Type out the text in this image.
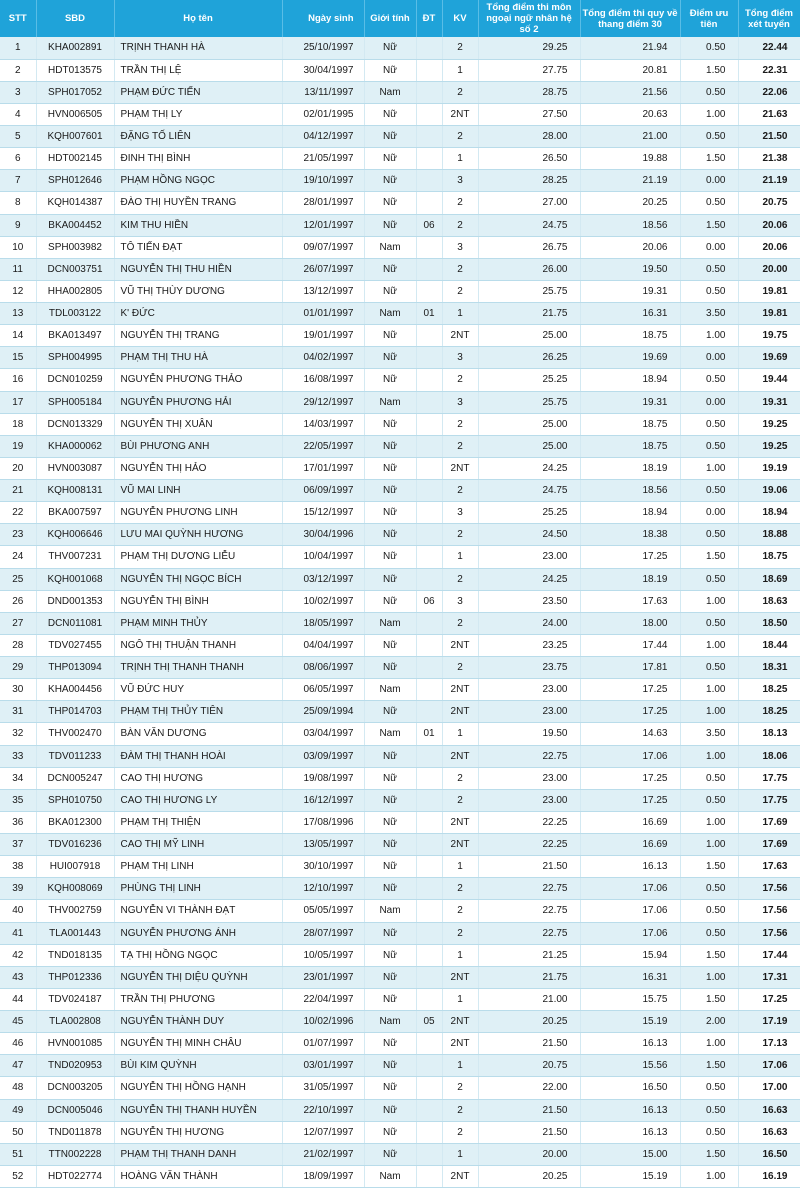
STT	SBD	Họ tên	Ngày sinh	Giới tính	ĐT	KV	Tổng điểm thi môn ngoại ngữ nhân hệ số 2	Tổng điểm thi quy về thang điểm 30	Điểm ưu tiên	Tổng điểm xét tuyển
1	KHA002891	TRỊNH THANH HÀ	25/10/1997	Nữ		2	29.25	21.94	0.50	22.44
2	HDT013575	TRẦN THỊ LỆ	30/04/1997	Nữ		1	27.75	20.81	1.50	22.31
3	SPH017052	PHẠM ĐỨC TIẾN	13/11/1997	Nam		2	28.75	21.56	0.50	22.06
4	HVN006505	PHẠM THỊ LY	02/01/1995	Nữ		2NT	27.50	20.63	1.00	21.63
5	KQH007601	ĐẶNG TỐ LIÊN	04/12/1997	Nữ		2	28.00	21.00	0.50	21.50
6	HDT002145	ĐINH THỊ BÌNH	21/05/1997	Nữ		1	26.50	19.88	1.50	21.38
7	SPH012646	PHẠM HỒNG NGỌC	19/10/1997	Nữ		3	28.25	21.19	0.00	21.19
8	KQH014387	ĐÀO THỊ HUYỀN TRANG	28/01/1997	Nữ		2	27.00	20.25	0.50	20.75
9	BKA004452	KIM THU HIỀN	12/01/1997	Nữ	06	2	24.75	18.56	1.50	20.06
10	SPH003982	TÔ TIẾN ĐẠT	09/07/1997	Nam		3	26.75	20.06	0.00	20.06
11	DCN003751	NGUYỄN THỊ THU HIỀN	26/07/1997	Nữ		2	26.00	19.50	0.50	20.00
12	HHA002805	VŨ THỊ THÙY DƯƠNG	13/12/1997	Nữ		2	25.75	19.31	0.50	19.81
13	TDL003122	K' ĐỨC	01/01/1997	Nam	01	1	21.75	16.31	3.50	19.81
14	BKA013497	NGUYỄN THỊ TRANG	19/01/1997	Nữ		2NT	25.00	18.75	1.00	19.75
15	SPH004995	PHẠM THỊ THU HÀ	04/02/1997	Nữ		3	26.25	19.69	0.00	19.69
16	DCN010259	NGUYỄN PHƯƠNG THẢO	16/08/1997	Nữ		2	25.25	18.94	0.50	19.44
17	SPH005184	NGUYỄN PHƯƠNG HẢI	29/12/1997	Nam		3	25.75	19.31	0.00	19.31
18	DCN013329	NGUYỄN THỊ XUÂN	14/03/1997	Nữ		2	25.00	18.75	0.50	19.25
19	KHA000062	BÙI PHƯƠNG ANH	22/05/1997	Nữ		2	25.00	18.75	0.50	19.25
20	HVN003087	NGUYỄN THỊ HẢO	17/01/1997	Nữ		2NT	24.25	18.19	1.00	19.19
21	KQH008131	VŨ MAI LINH	06/09/1997	Nữ		2	24.75	18.56	0.50	19.06
22	BKA007597	NGUYỄN PHƯƠNG LINH	15/12/1997	Nữ		3	25.25	18.94	0.00	18.94
23	KQH006646	LƯU MAI QUỲNH HƯƠNG	30/04/1996	Nữ		2	24.50	18.38	0.50	18.88
24	THV007231	PHẠM THỊ DƯƠNG LIỄU	10/04/1997	Nữ		1	23.00	17.25	1.50	18.75
25	KQH001068	NGUYỄN THỊ NGỌC BÍCH	03/12/1997	Nữ		2	24.25	18.19	0.50	18.69
26	DND001353	NGUYỄN THỊ BÌNH	10/02/1997	Nữ	06	3	23.50	17.63	1.00	18.63
27	DCN011081	PHẠM MINH THỦY	18/05/1997	Nam		2	24.00	18.00	0.50	18.50
28	TDV027455	NGÔ THỊ THUẬN THANH	04/04/1997	Nữ		2NT	23.25	17.44	1.00	18.44
29	THP013094	TRỊNH THỊ THANH THANH	08/06/1997	Nữ		2	23.75	17.81	0.50	18.31
30	KHA004456	VŨ ĐỨC HUY	06/05/1997	Nam		2NT	23.00	17.25	1.00	18.25
31	THP014703	PHẠM THỊ THỦY TIÊN	25/09/1994	Nữ		2NT	23.00	17.25	1.00	18.25
32	THV002470	BÀN VĂN DƯƠNG	03/04/1997	Nam	01	1	19.50	14.63	3.50	18.13
33	TDV011233	ĐÀM THỊ THANH HOÀI	03/09/1997	Nữ		2NT	22.75	17.06	1.00	18.06
34	DCN005247	CAO THỊ HƯƠNG	19/08/1997	Nữ		2	23.00	17.25	0.50	17.75
35	SPH010750	CAO THỊ HƯƠNG LY	16/12/1997	Nữ		2	23.00	17.25	0.50	17.75
36	BKA012300	PHẠM THỊ THIỆN	17/08/1996	Nữ		2NT	22.25	16.69	1.00	17.69
37	TDV016236	CAO THỊ MỸ LINH	13/05/1997	Nữ		2NT	22.25	16.69	1.00	17.69
38	HUI007918	PHẠM THỊ LINH	30/10/1997	Nữ		1	21.50	16.13	1.50	17.63
39	KQH008069	PHÙNG THỊ LINH	12/10/1997	Nữ		2	22.75	17.06	0.50	17.56
40	THV002759	NGUYỄN VI THÀNH ĐẠT	05/05/1997	Nam		2	22.75	17.06	0.50	17.56
41	TLA001443	NGUYỄN PHƯƠNG ÁNH	28/07/1997	Nữ		2	22.75	17.06	0.50	17.56
42	TND018135	TẠ THỊ HỒNG NGỌC	10/05/1997	Nữ		1	21.25	15.94	1.50	17.44
43	THP012336	NGUYỄN THỊ DIỆU QUỲNH	23/01/1997	Nữ		2NT	21.75	16.31	1.00	17.31
44	TDV024187	TRẦN THỊ PHƯƠNG	22/04/1997	Nữ		1	21.00	15.75	1.50	17.25
45	TLA002808	NGUYỄN THÀNH DUY	10/02/1996	Nam	05	2NT	20.25	15.19	2.00	17.19
46	HVN001085	NGUYỄN THỊ MINH CHÂU	01/07/1997	Nữ		2NT	21.50	16.13	1.00	17.13
47	TND020953	BÙI KIM QUỲNH	03/01/1997	Nữ		1	20.75	15.56	1.50	17.06
48	DCN003205	NGUYỄN THỊ HỒNG HẠNH	31/05/1997	Nữ		2	22.00	16.50	0.50	17.00
49	DCN005046	NGUYỄN THỊ THANH HUYỀN	22/10/1997	Nữ		2	21.50	16.13	0.50	16.63
50	TND011878	NGUYỄN THỊ HƯƠNG	12/07/1997	Nữ		2	21.50	16.13	0.50	16.63
51	TTN002228	PHẠM THỊ THANH DANH	21/02/1997	Nữ		1	20.00	15.00	1.50	16.50
52	HDT022774	HOÀNG VĂN THÀNH	18/09/1997	Nam		2NT	20.25	15.19	1.00	16.19
